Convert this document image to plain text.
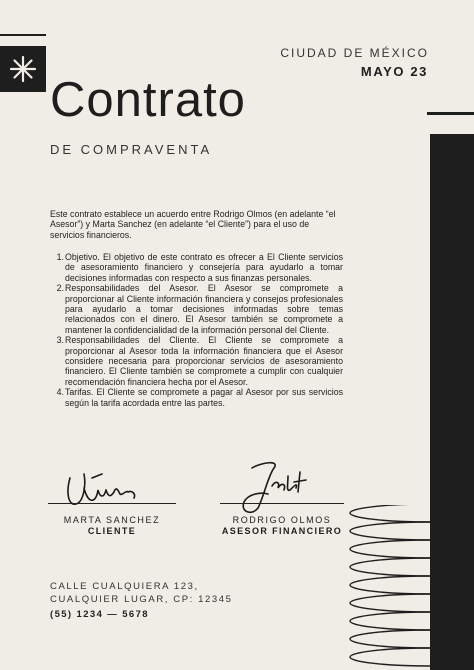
CIUDAD DE MÉXICO
MAYO 23
Contrato
DE COMPRAVENTA
Este contrato establece un acuerdo entre Rodrigo Olmos (en adelante “el Asesor”) y Marta Sanchez (en adelante “el Cliente”) para el uso de servicios financieros.
1. Objetivo. El objetivo de este contrato es ofrecer a El Cliente servicios de asesoramiento financiero y consejería para ayudarlo a tomar decisiones informadas con respecto a sus finanzas personales.
2. Responsabilidades del Asesor. El Asesor se compromete a proporcionar al Cliente información financiera y consejos profesionales para ayudarlo a tomar decisiones informadas sobre temas relacionados con el dinero. El Asesor también se compromete a mantener la confidencialidad de la información personal del Cliente.
3. Responsabilidades del Cliente. El Cliente se compromete a proporcionar al Asesor toda la información financiera que el Asesor considere necesaria para proporcionar servicios de asesoramiento financiero. El Cliente también se compromete a cumplir con cualquier recomendación financiera hecha por el Asesor.
4. Tarifas. El Cliente se compromete a pagar al Asesor por sus servicios según la tarifa acordada entre las partes.
MARTA SANCHEZ
CLIENTE
RODRIGO OLMOS
ASESOR FINANCIERO
CALLE CUALQUIERA 123,
CUALQUIER LUGAR, CP: 12345
(55) 1234 — 5678
